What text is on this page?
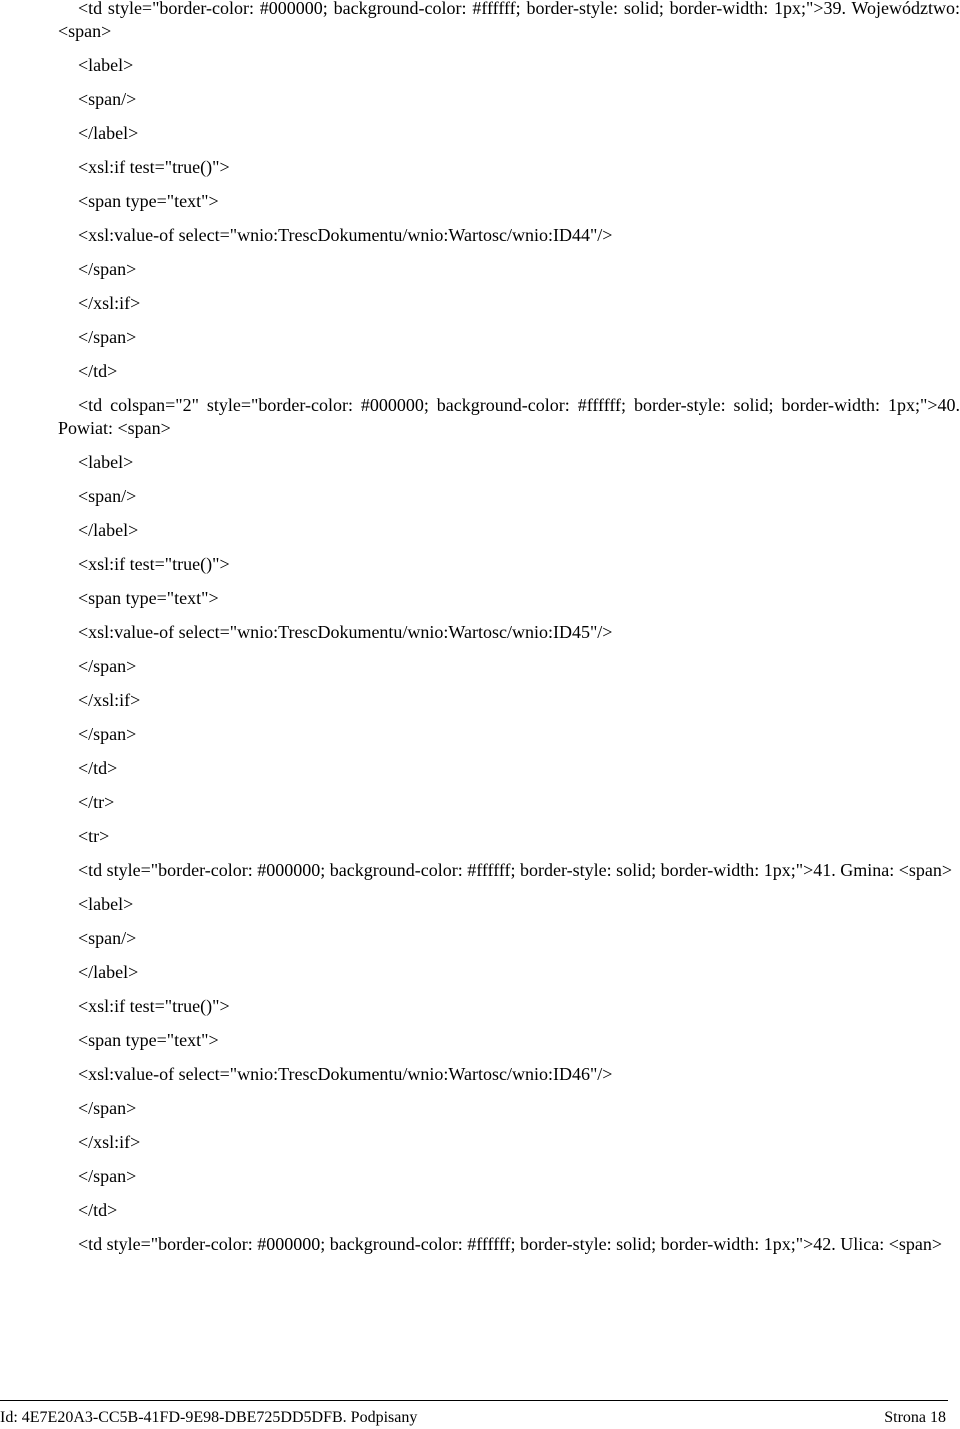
<td style="border-color: #000000; background-color: #ffffff; border-style: solid; border-width: 1px;">39. Województwo: <span>
<label>
<span/>
</label>
<xsl:if test="true()">
<span type="text">
<xsl:value-of select="wnio:TrescDokumentu/wnio:Wartosc/wnio:ID44"/>
</span>
</xsl:if>
</span>
</td>
<td colspan="2" style="border-color: #000000; background-color: #ffffff; border-style: solid; border-width: 1px;">40. Powiat: <span>
<label>
<span/>
</label>
<xsl:if test="true()">
<span type="text">
<xsl:value-of select="wnio:TrescDokumentu/wnio:Wartosc/wnio:ID45"/>
</span>
</xsl:if>
</span>
</td>
</tr>
<tr>
<td style="border-color: #000000; background-color: #ffffff; border-style: solid; border-width: 1px;">41. Gmina: <span>
<label>
<span/>
</label>
<xsl:if test="true()">
<span type="text">
<xsl:value-of select="wnio:TrescDokumentu/wnio:Wartosc/wnio:ID46"/>
</span>
</xsl:if>
</span>
</td>
<td style="border-color: #000000; background-color: #ffffff; border-style: solid; border-width: 1px;">42. Ulica: <span>
Id: 4E7E20A3-CC5B-41FD-9E98-DBE725DD5DFB. Podpisany	Strona 18
